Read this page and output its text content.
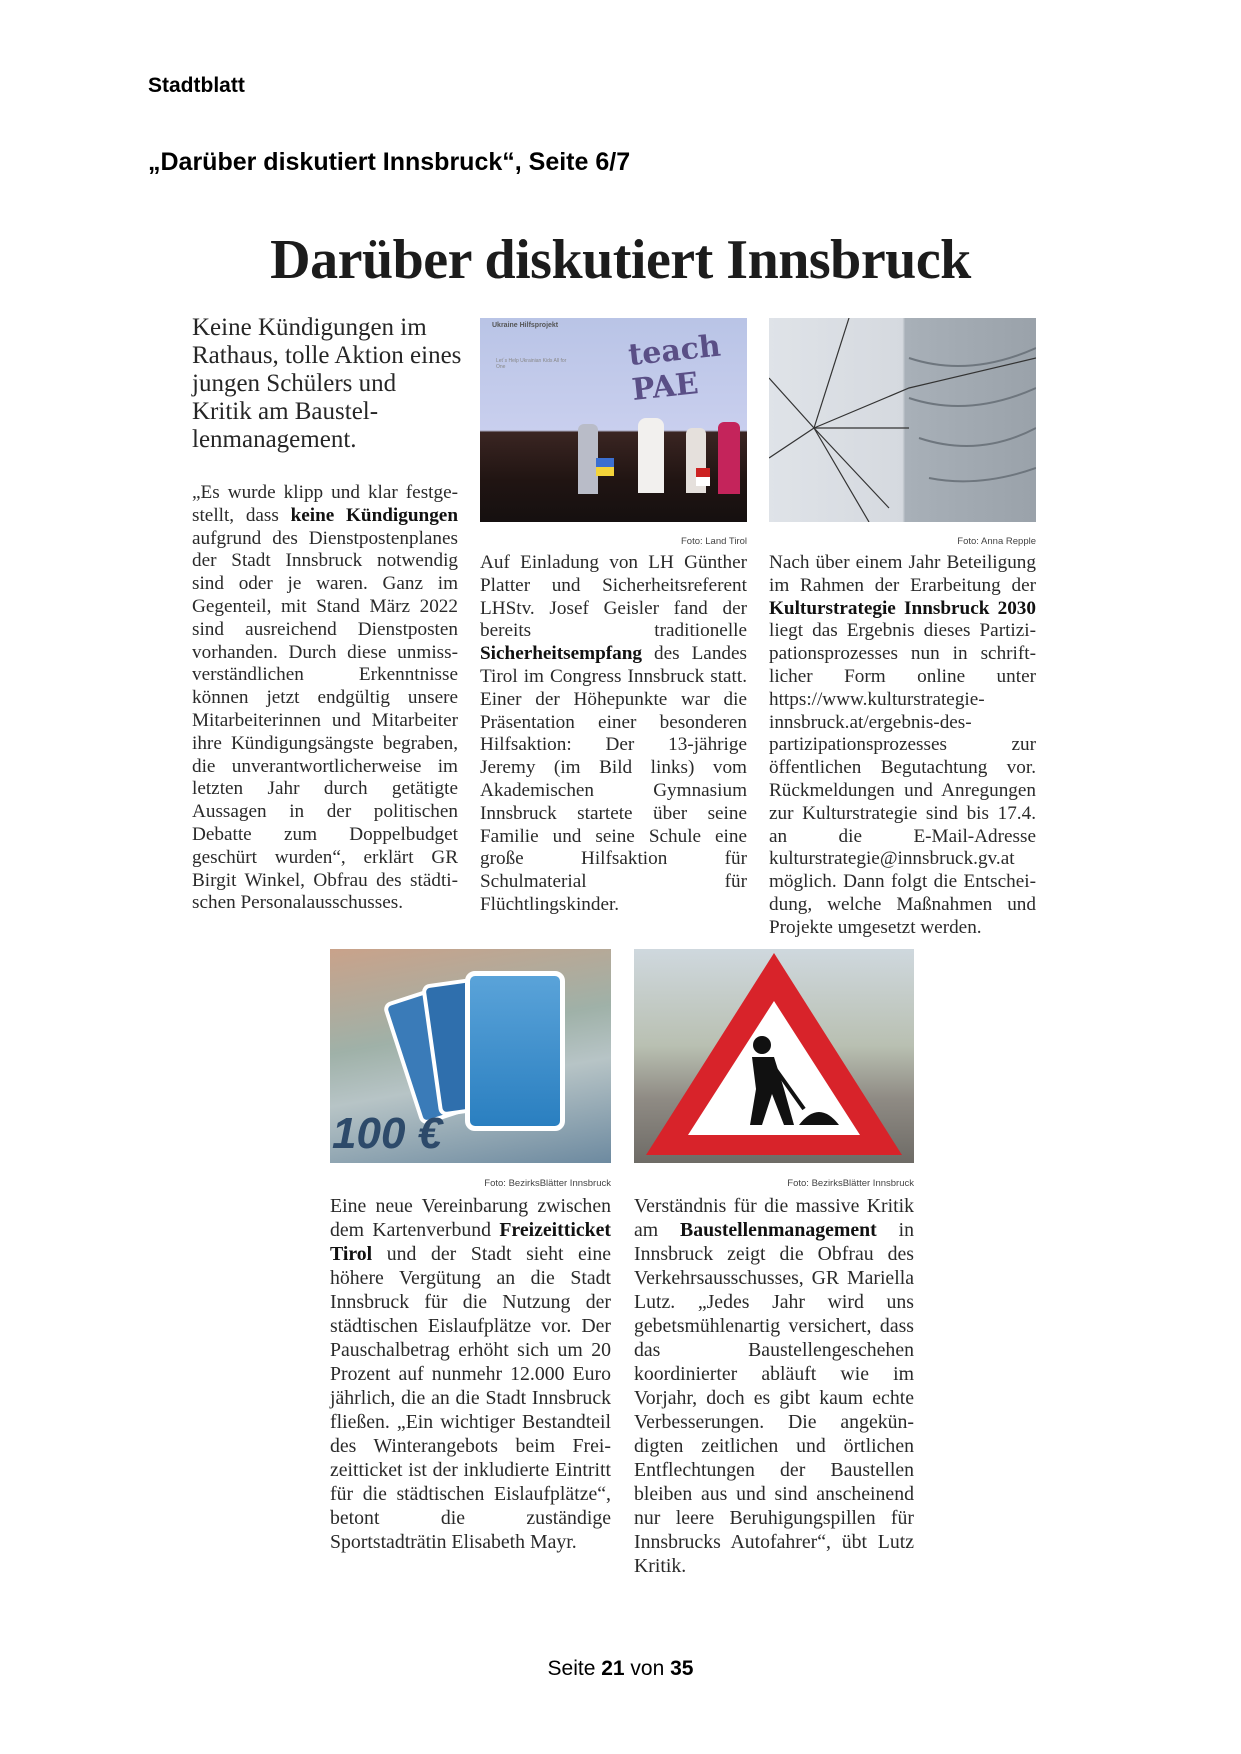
Stadtblatt
„Darüber diskutiert Innsbruck“, Seite 6/7
Darüber diskutiert Innsbruck
Keine Kündigungen im Rathaus, tolle Aktion eines jungen Schülers und Kritik am Baustellenmanagement.
„Es wurde klipp und klar festgestellt, dass keine Kündigungen aufgrund des Dienstpostenplanes der Stadt Innsbruck notwendig sind oder je waren. Ganz im Gegenteil, mit Stand März 2022 sind ausreichend Dienstposten vorhanden. Durch diese unmissverständlichen Erkenntnisse können jetzt endgültig unsere Mitarbeiterinnen und Mitarbeiter ihre Kündigungsängste begraben, die unverantwortlicherweise im letzten Jahr durch getätigte Aussagen in der politischen Debatte zum Doppelbudget geschürt wurden“, erklärt GR Birgit Winkel, Obfrau des städtischen Personalausschusses.
Ukraine Hilfsprojekt
Let´s Help Ukrainian Kids All for One	teach PAE
Foto: Land Tirol
Auf Einladung von LH Günther Platter und Sicherheitsreferent LHStv. Josef Geisler fand der bereits traditionelle Sicherheitsempfang des Landes Tirol im Congress Innsbruck statt. Einer der Höhepunkte war die Präsentation einer besonderen Hilfsaktion: Der 13-jährige Jeremy (im Bild links) vom Akademischen Gymnasium Innsbruck startete über seine Familie und seine Schule eine große Hilfsaktion für Schulmaterial für Flüchtlingskinder.
Foto: Anna Repple
Nach über einem Jahr Beteiligung im Rahmen der Erarbeitung der Kulturstrategie Innsbruck 2030 liegt das Ergebnis dieses Partizipationsprozesses nun in schriftlicher Form online unter https://www.kulturstrategie-innsbruck.at/ergebnis-des-partizipationsprozesses zur öffentlichen Begutachtung vor. Rückmeldungen und Anregungen zur Kulturstrategie sind bis 17.4. an die E-Mail-Adresse kulturstrategie@innsbruck.gv.at möglich. Dann folgt die Entscheidung, welche Maßnahmen und Projekte umgesetzt werden.
100 €
Foto: BezirksBlätter Innsbruck
Eine neue Vereinbarung zwischen dem Kartenverbund Freizeitticket Tirol und der Stadt sieht eine höhere Vergütung an die Stadt Innsbruck für die Nutzung der städtischen Eislaufplätze vor. Der Pauschalbetrag erhöht sich um 20 Prozent auf nunmehr 12.000 Euro jährlich, die an die Stadt Innsbruck fließen. „Ein wichtiger Bestandteil des Winterangebots beim Freizeitticket ist der inkludierte Eintritt für die städtischen Eislaufplätze“, betont die zuständige Sportstadträtin Elisabeth Mayr.
Foto: BezirksBlätter Innsbruck
Verständnis für die massive Kritik am Baustellenmanagement in Innsbruck zeigt die Obfrau des Verkehrsausschusses, GR Mariella Lutz. „Jedes Jahr wird uns gebetsmühlenartig versichert, dass das Baustellengeschehen koordinierter abläuft wie im Vorjahr, doch es gibt kaum echte Verbesserungen. Die angekündigten zeitlichen und örtlichen Entflechtungen der Baustellen bleiben aus und sind anscheinend nur leere Beruhigungspillen für Innsbrucks Autofahrer“, übt Lutz Kritik.
Seite 21 von 35
